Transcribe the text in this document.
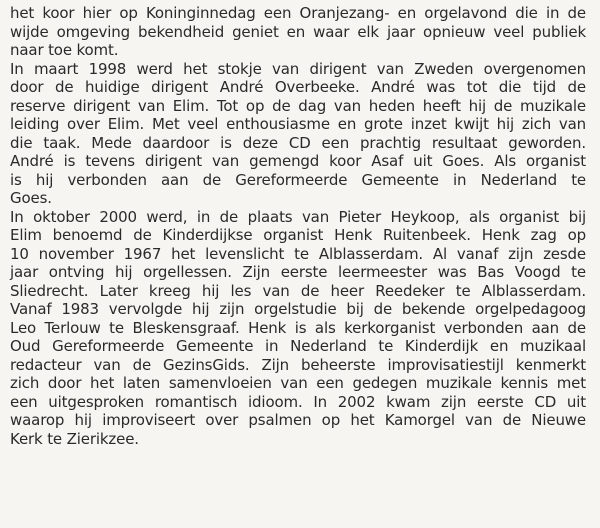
het koor hier op Koninginnedag een Oranjezang- en orgelavond die in de
wijde omgeving bekendheid geniet en waar elk jaar opnieuw veel publiek
naar toe komt.
In maart 1998 werd het stokje van dirigent van Zweden overgenomen
door de huidige dirigent André Overbeeke. André was tot die tijd de
reserve dirigent van Elim. Tot op de dag van heden heeft hij de muzikale
leiding over Elim. Met veel enthousiasme en grote inzet kwijt hij zich van
die taak. Mede daardoor is deze CD een prachtig resultaat geworden.
André is tevens dirigent van gemengd koor Asaf uit Goes. Als organist
is hij verbonden aan de Gereformeerde Gemeente in Nederland te
Goes.
In oktober 2000 werd, in de plaats van Pieter Heykoop, als organist bij
Elim benoemd de Kinderdijkse organist Henk Ruitenbeek. Henk zag op
10 november 1967 het levenslicht te Alblasserdam. Al vanaf zijn zesde
jaar ontving hij orgellessen. Zijn eerste leermeester was Bas Voogd te
Sliedrecht. Later kreeg hij les van de heer Reedeker te Alblasserdam.
Vanaf 1983 vervolgde hij zijn orgelstudie bij de bekende orgelpedagoog
Leo Terlouw te Bleskensgraaf. Henk is als kerkorganist verbonden aan de
Oud Gereformeerde Gemeente in Nederland te Kinderdijk en muzikaal
redacteur van de GezinsGids. Zijn beheerste improvisatiestijl kenmerkt
zich door het laten samenvloeien van een gedegen muzikale kennis met
een uitgesproken romantisch idioom. In 2002 kwam zijn eerste CD uit
waarop hij improviseert over psalmen op het Kamorgel van de Nieuwe
Kerk te Zierikzee.
